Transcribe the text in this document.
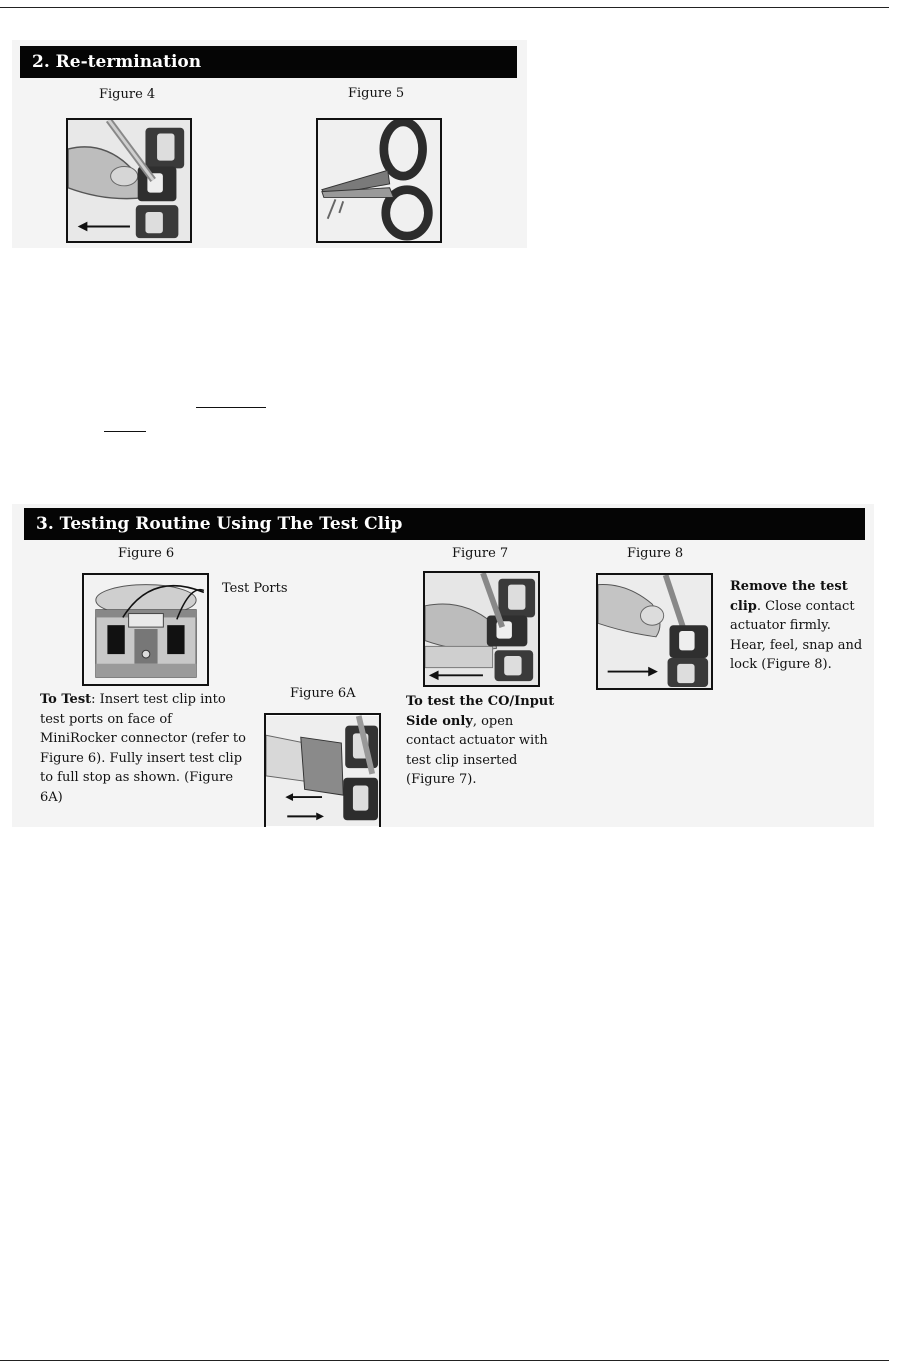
2. Re-termination
Figure 4	Figure 5
3. Testing Routine Using The Test Clip
Figure 6	Figure 7	Figure 8
Figure 6A
Test Ports
To Test: Insert test clip into test ports on face of MiniRocker connector (refer to Figure 6). Fully insert test clip to full stop as shown. (Figure 6A)
To test the CO/Input Side only, open contact actuator with test clip inserted (Figure 7).
Remove the test clip. Close contact actuator firmly. Hear, feel, snap and lock (Figure 8).
